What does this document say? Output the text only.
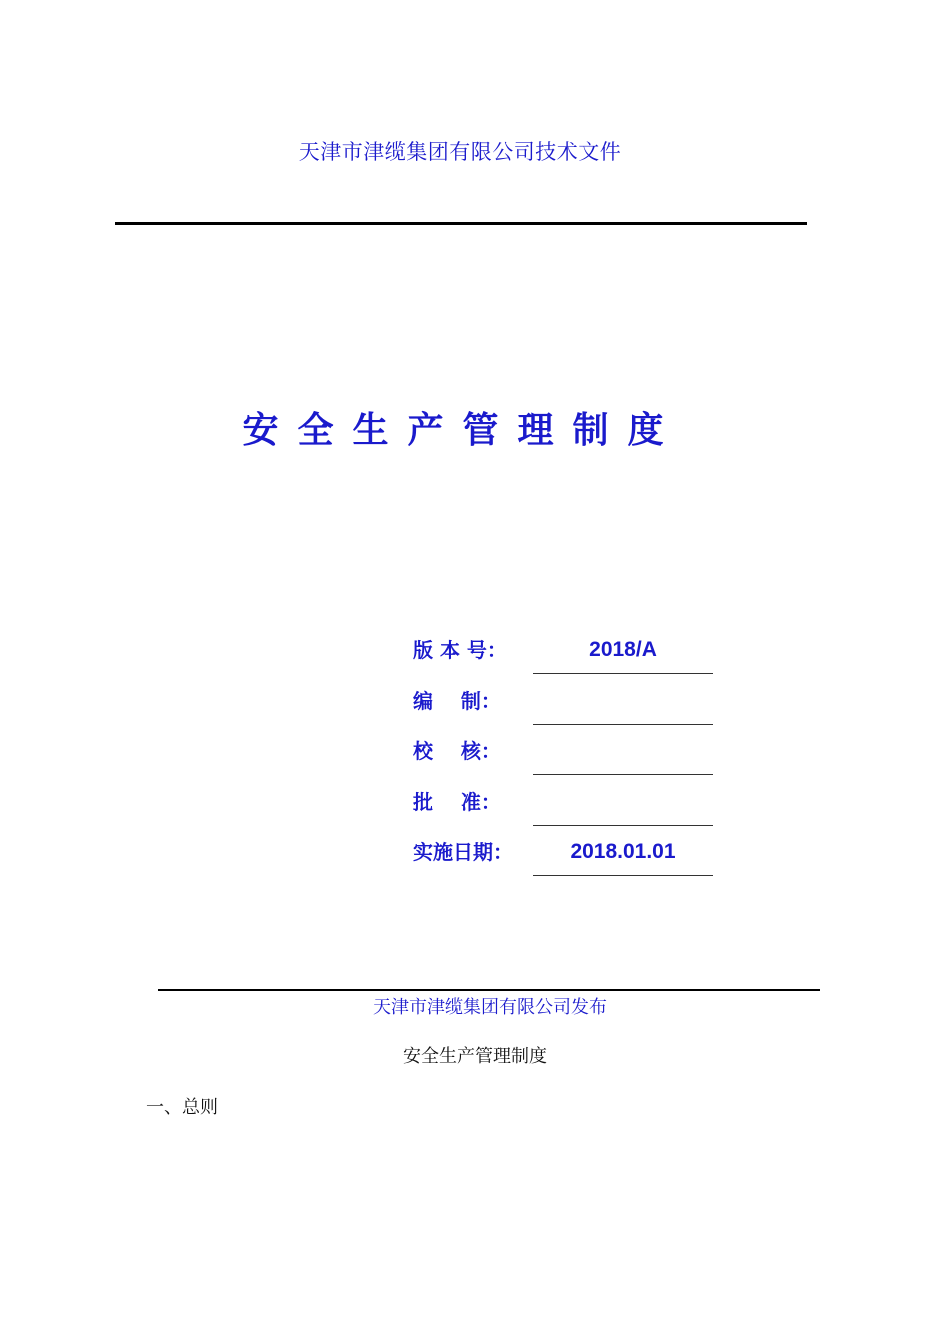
天津市津缆集团有限公司技术文件
安全生产管理制度
版 本 号：	2018/A
编    制：
校    核：
批    准：
实施日期：	2018.01.01
天津市津缆集团有限公司发布
安全生产管理制度
一、总则
